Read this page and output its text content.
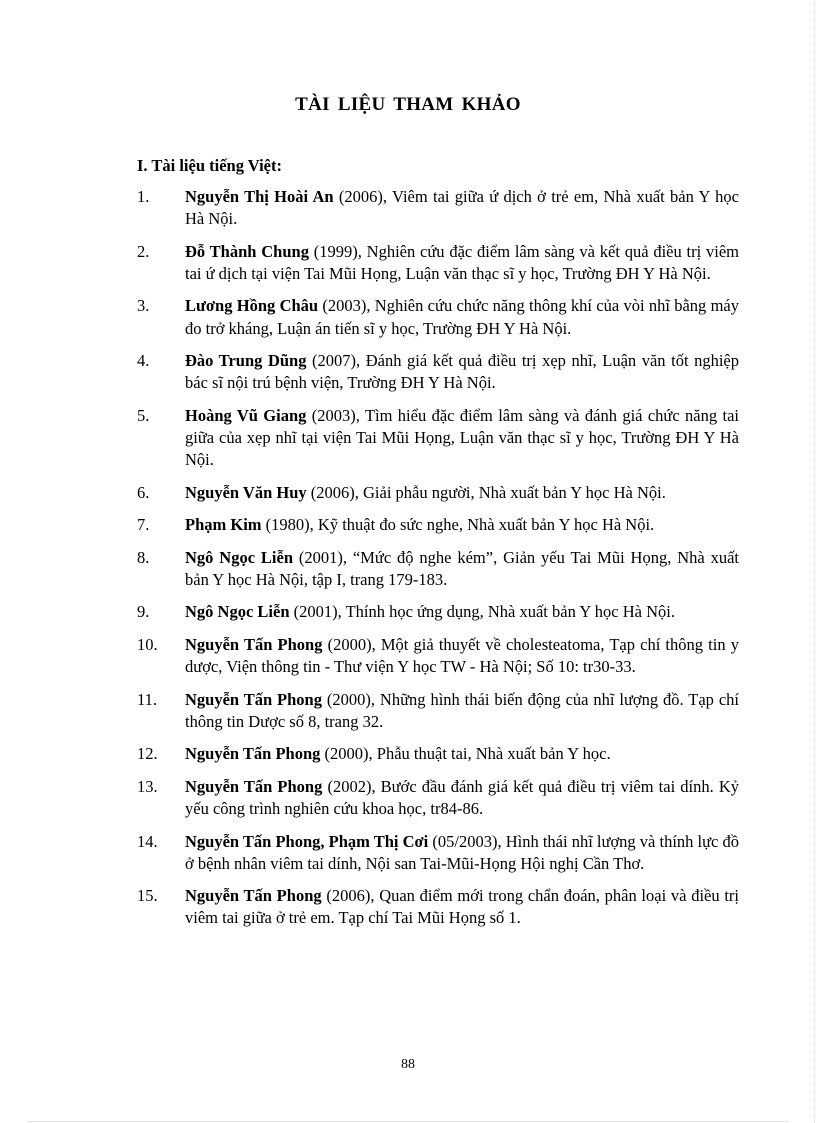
TÀI LIỆU THAM KHẢO
I. Tài liệu tiếng Việt:
1.	Nguyễn Thị Hoài An (2006), Viêm tai giữa ứ dịch ở trẻ em, Nhà xuất bản Y học Hà Nội.
2.	Đỗ Thành Chung (1999), Nghiên cứu đặc điểm lâm sàng và kết quả điều trị viêm tai ứ dịch tại viện Tai Mũi Họng, Luận văn thạc sĩ y học, Trường ĐH Y Hà Nội.
3.	Lương Hồng Châu (2003), Nghiên cứu chức năng thông khí của vòi nhĩ bằng máy đo trở kháng, Luận án tiến sĩ y học, Trường ĐH Y Hà Nội.
4.	Đào Trung Dũng (2007), Đánh giá kết quả điều trị xẹp nhĩ, Luận văn tốt nghiệp bác sĩ nội trú bệnh viện, Trường ĐH Y Hà Nội.
5.	Hoàng Vũ Giang (2003), Tìm hiểu đặc điểm lâm sàng và đánh giá chức năng tai giữa của xẹp nhĩ tại viện Tai Mũi Họng, Luận văn thạc sĩ y học, Trường ĐH Y Hà Nội.
6.	Nguyễn Văn Huy (2006), Giải phẫu người, Nhà xuất bản Y học Hà Nội.
7.	Phạm Kim (1980), Kỹ thuật đo sức nghe, Nhà xuất bản Y học Hà Nội.
8.	Ngô Ngọc Liễn (2001), “Mức độ nghe kém”, Giản yếu Tai Mũi Họng, Nhà xuất bản Y học Hà Nội, tập I, trang 179-183.
9.	Ngô Ngọc Liễn (2001), Thính học ứng dụng, Nhà xuất bản Y học Hà Nội.
10.	Nguyễn Tấn Phong (2000), Một giả thuyết về cholesteatoma, Tạp chí thông tin y dược, Viện thông tin - Thư viện Y học TW - Hà Nội; Số 10: tr30-33.
11.	Nguyễn Tấn Phong (2000), Những hình thái biến động của nhĩ lượng đồ. Tạp chí thông tin Dược số 8, trang 32.
12.	Nguyễn Tấn Phong (2000), Phẫu thuật tai, Nhà xuất bản Y học.
13.	Nguyễn Tấn Phong (2002), Bước đầu đánh giá kết quả điều trị viêm tai dính. Kỷ yếu công trình nghiên cứu khoa học, tr84-86.
14.	Nguyễn Tấn Phong, Phạm Thị Cơi (05/2003), Hình thái nhĩ lượng và thính lực đồ ở bệnh nhân viêm tai dính, Nội san Tai-Mũi-Họng Hội nghị Cần Thơ.
15.	Nguyễn Tấn Phong (2006), Quan điểm mới trong chẩn đoán, phân loại và điều trị viêm tai giữa ở trẻ em. Tạp chí Tai Mũi Họng số 1.
88
